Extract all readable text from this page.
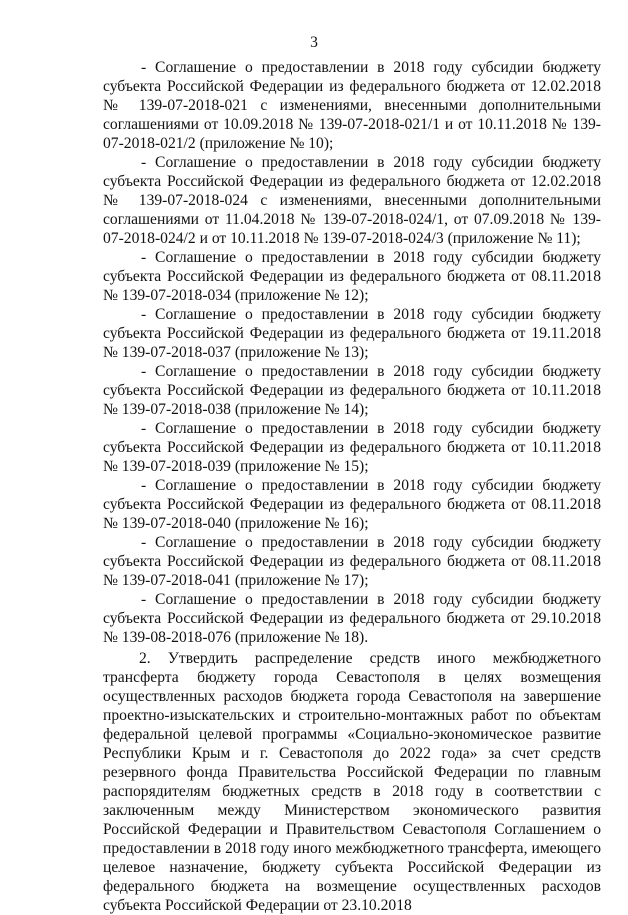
3

- Соглашение о предоставлении в 2018 году субсидии бюджету субъекта Российской Федерации из федерального бюджета от 12.02.2018 № 139-07-2018-021 с изменениями, внесенными дополнительными соглашениями от 10.09.2018 № 139-07-2018-021/1 и от 10.11.2018 № 139-07-2018-021/2 (приложение № 10);

- Соглашение о предоставлении в 2018 году субсидии бюджету субъекта Российской Федерации из федерального бюджета от 12.02.2018 № 139-07-2018-024 с изменениями, внесенными дополнительными соглашениями от 11.04.2018 № 139-07-2018-024/1, от 07.09.2018 № 139-07-2018-024/2 и от 10.11.2018 № 139-07-2018-024/3 (приложение № 11);

- Соглашение о предоставлении в 2018 году субсидии бюджету субъекта Российской Федерации из федерального бюджета от 08.11.2018 № 139-07-2018-034 (приложение № 12);

- Соглашение о предоставлении в 2018 году субсидии бюджету субъекта Российской Федерации из федерального бюджета от 19.11.2018 № 139-07-2018-037 (приложение № 13);

- Соглашение о предоставлении в 2018 году субсидии бюджету субъекта Российской Федерации из федерального бюджета от 10.11.2018 № 139-07-2018-038 (приложение № 14);

- Соглашение о предоставлении в 2018 году субсидии бюджету субъекта Российской Федерации из федерального бюджета от 10.11.2018 № 139-07-2018-039 (приложение № 15);

- Соглашение о предоставлении в 2018 году субсидии бюджету субъекта Российской Федерации из федерального бюджета от 08.11.2018 № 139-07-2018-040 (приложение № 16);

- Соглашение о предоставлении в 2018 году субсидии бюджету субъекта Российской Федерации из федерального бюджета от 08.11.2018 № 139-07-2018-041 (приложение № 17);

- Соглашение о предоставлении в 2018 году субсидии бюджету субъекта Российской Федерации из федерального бюджета от 29.10.2018 № 139-08-2018-076 (приложение № 18).

2. Утвердить распределение средств иного межбюджетного трансферта бюджету города Севастополя в целях возмещения осуществленных расходов бюджета города Севастополя на завершение проектно-изыскательских и строительно-монтажных работ по объектам федеральной целевой программы «Социально-экономическое развитие Республики Крым и г. Севастополя до 2022 года» за счет средств резервного фонда Правительства Российской Федерации по главным распорядителям бюджетных средств в 2018 году в соответствии с заключенным между Министерством экономического развития Российской Федерации и Правительством Севастополя Соглашением о предоставлении в 2018 году иного межбюджетного трансферта, имеющего целевое назначение, бюджету субъекта Российской Федерации из федерального бюджета на возмещение осуществленных расходов субъекта Российской Федерации от 23.10.2018
